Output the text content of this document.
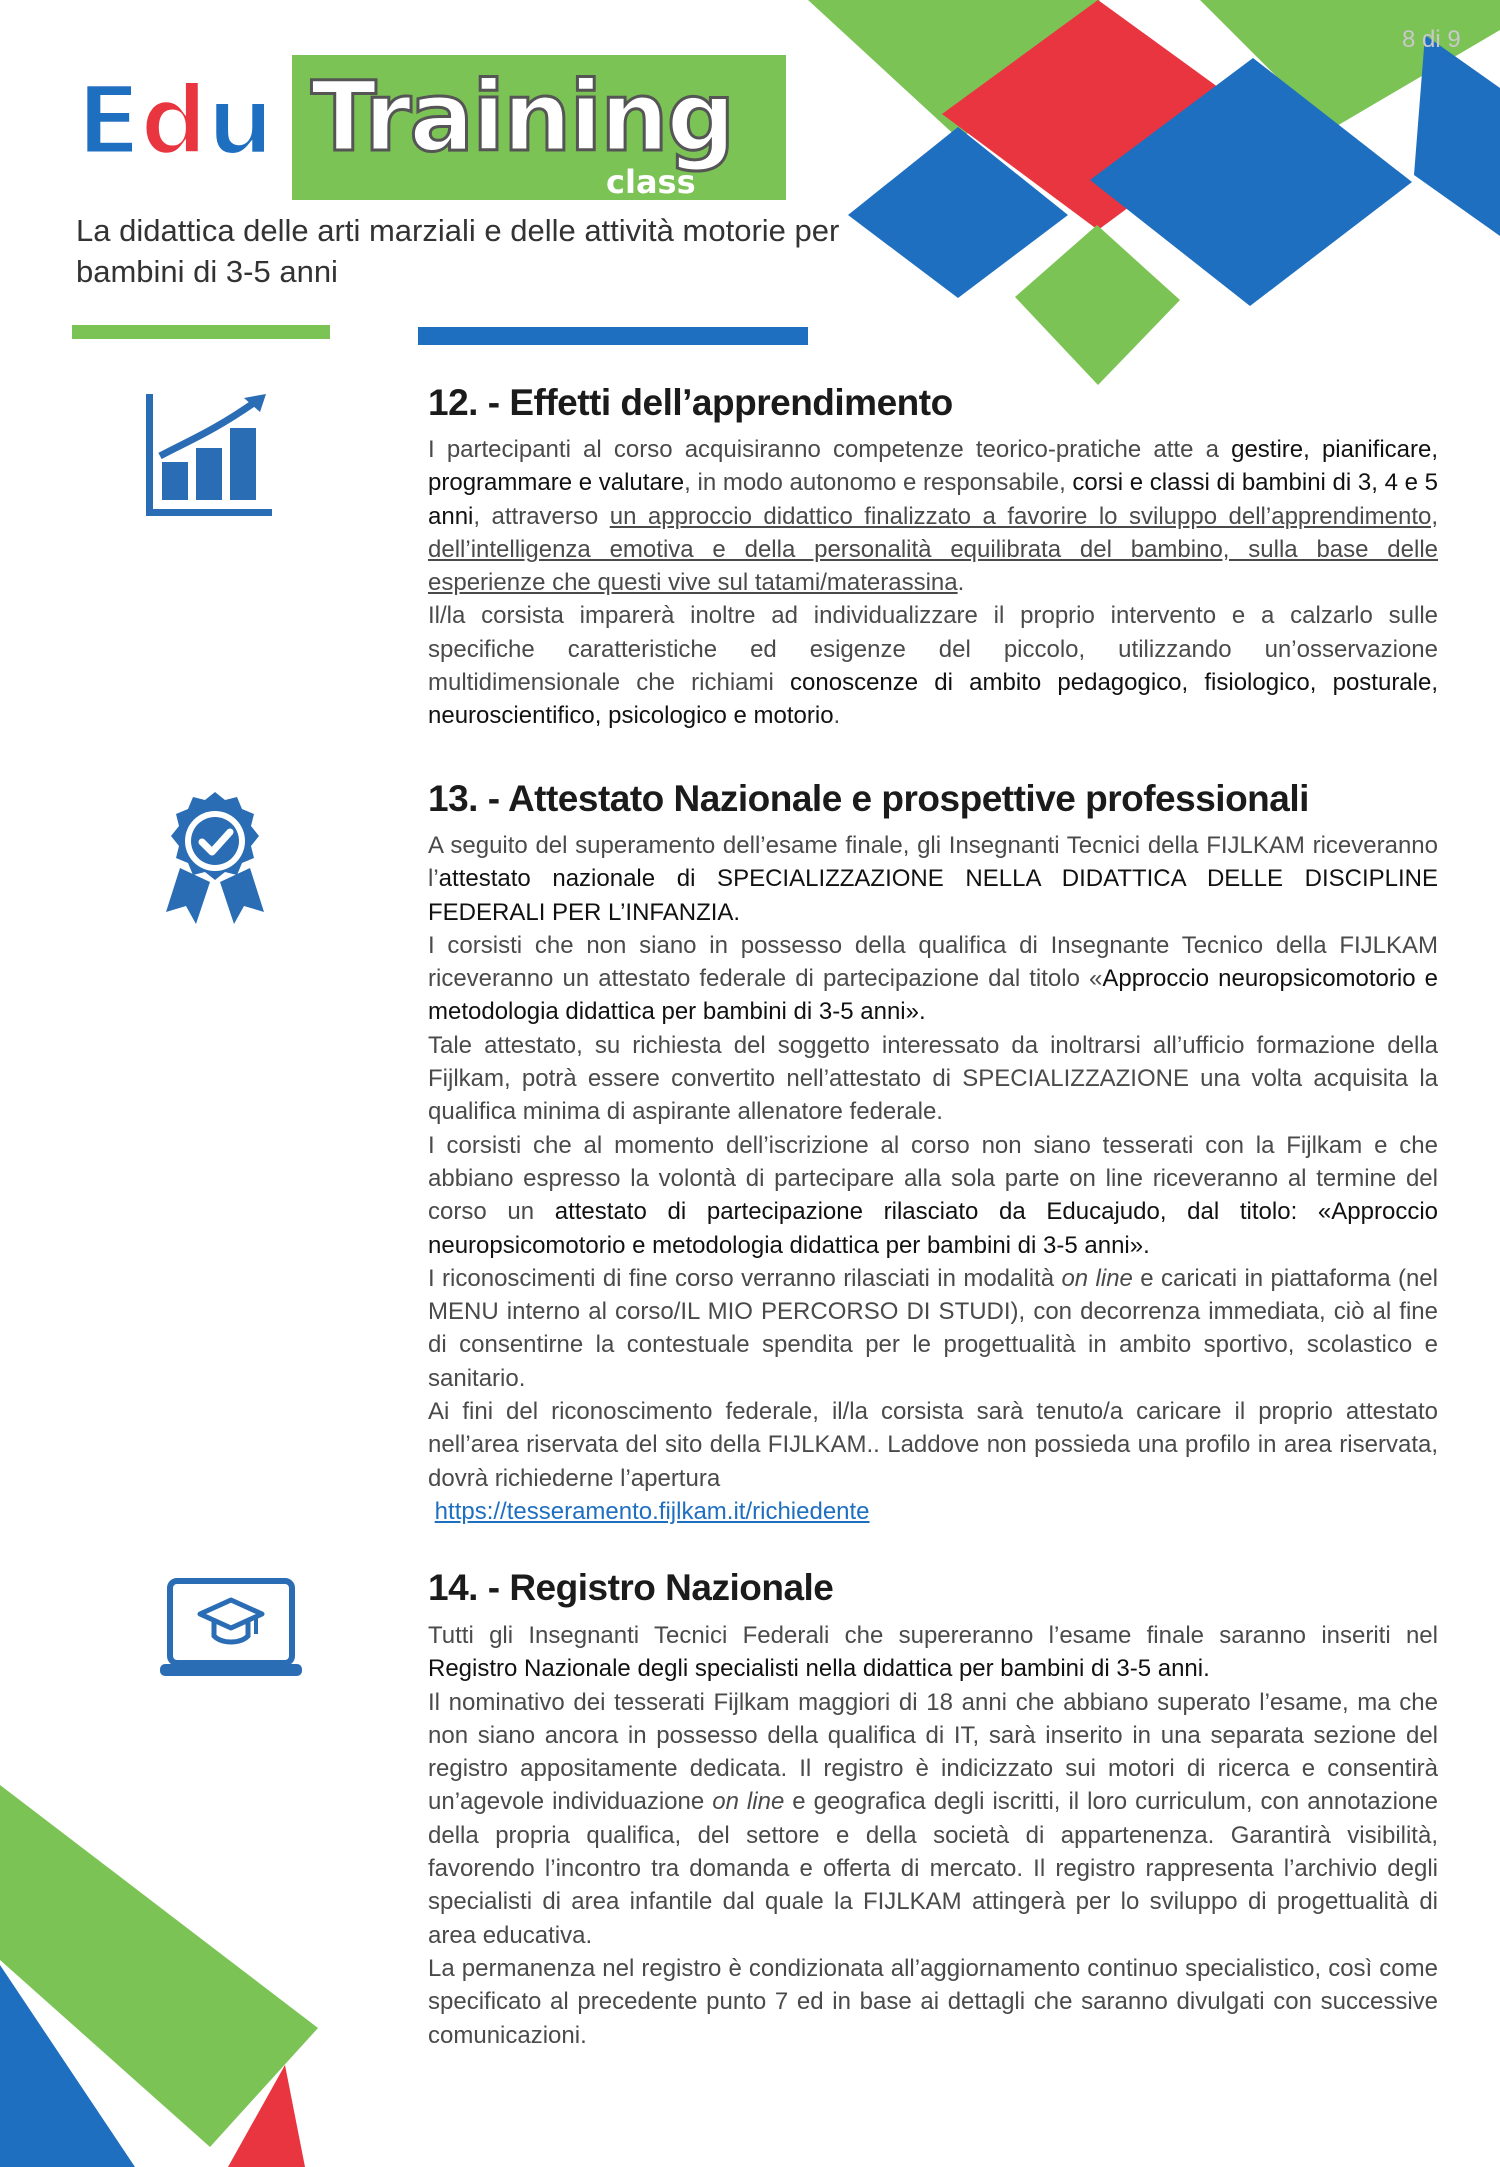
8 di 9
Edu Training
class
La didattica delle arti marziali e delle attività motorie per bambini di 3-5 anni
12. - Effetti dell’apprendimento

I partecipanti al corso acquisiranno competenze teorico-pratiche atte a gestire, pianificare, programmare e valutare, in modo autonomo e responsabile, corsi e classi di bambini di 3, 4 e 5 anni, attraverso un approccio didattico finalizzato a favorire lo sviluppo dell’apprendimento, dell’intelligenza emotiva e della personalità equilibrata del bambino, sulla base delle esperienze che questi vive sul tatami/materassina.

Il/la corsista imparerà inoltre ad individualizzare il proprio intervento e a calzarlo sulle specifiche caratteristiche ed esigenze del piccolo, utilizzando un’osservazione multidimensionale che richiami conoscenze di ambito pedagogico, fisiologico, posturale, neuroscientifico, psicologico e motorio.

13. - Attestato Nazionale e prospettive professionali

A seguito del superamento dell’esame finale, gli Insegnanti Tecnici della FIJLKAM riceveranno l’attestato nazionale di SPECIALIZZAZIONE NELLA DIDATTICA DELLE DISCIPLINE FEDERALI PER L’INFANZIA.

I corsisti che non siano in possesso della qualifica di Insegnante Tecnico della FIJLKAM riceveranno un attestato federale di partecipazione dal titolo «Approccio neuropsicomotorio e metodologia didattica per bambini di 3-5 anni».

Tale attestato, su richiesta del soggetto interessato da inoltrarsi all’ufficio formazione della Fijlkam, potrà essere convertito nell’attestato di SPECIALIZZAZIONE una volta acquisita la qualifica minima di aspirante allenatore federale.

I corsisti che al momento dell’iscrizione al corso non siano tesserati con la Fijlkam e che abbiano espresso la volontà di partecipare alla sola parte on line riceveranno al termine del corso un attestato di partecipazione rilasciato da Educajudo, dal titolo: «Approccio neuropsicomotorio e metodologia didattica per bambini di 3-5 anni».

I riconoscimenti di fine corso verranno rilasciati in modalità on line e caricati in piattaforma (nel MENU interno al corso/IL MIO PERCORSO DI STUDI), con decorrenza immediata, ciò al fine di consentirne la contestuale spendita per le progettualità in ambito sportivo, scolastico e sanitario.

Ai fini del riconoscimento federale, il/la corsista sarà tenuto/a caricare il proprio attestato nell’area riservata del sito della FIJLKAM.. Laddove non possieda una profilo in area riservata, dovrà richiederne l’apertura

https://tesseramento.fijlkam.it/richiedente

14. - Registro Nazionale

Tutti gli Insegnanti Tecnici Federali che supereranno l’esame finale saranno inseriti nel Registro Nazionale degli specialisti nella didattica per bambini di 3-5 anni.

Il nominativo dei tesserati Fijlkam maggiori di 18 anni che abbiano superato l’esame, ma che non siano ancora in possesso della qualifica di IT, sarà inserito in una separata sezione del registro appositamente dedicata. Il registro è indicizzato sui motori di ricerca e consentirà un’agevole individuazione on line e geografica degli iscritti, il loro curriculum, con annotazione della propria qualifica, del settore e della società di appartenenza. Garantirà visibilità, favorendo l’incontro tra domanda e offerta di mercato. Il registro rappresenta l’archivio degli specialisti di area infantile dal quale la FIJLKAM attingerà per lo sviluppo di progettualità di area educativa.

La permanenza nel registro è condizionata all’aggiornamento continuo specialistico, così come specificato al precedente punto 7 ed in base ai dettagli che saranno divulgati con successive comunicazioni.
